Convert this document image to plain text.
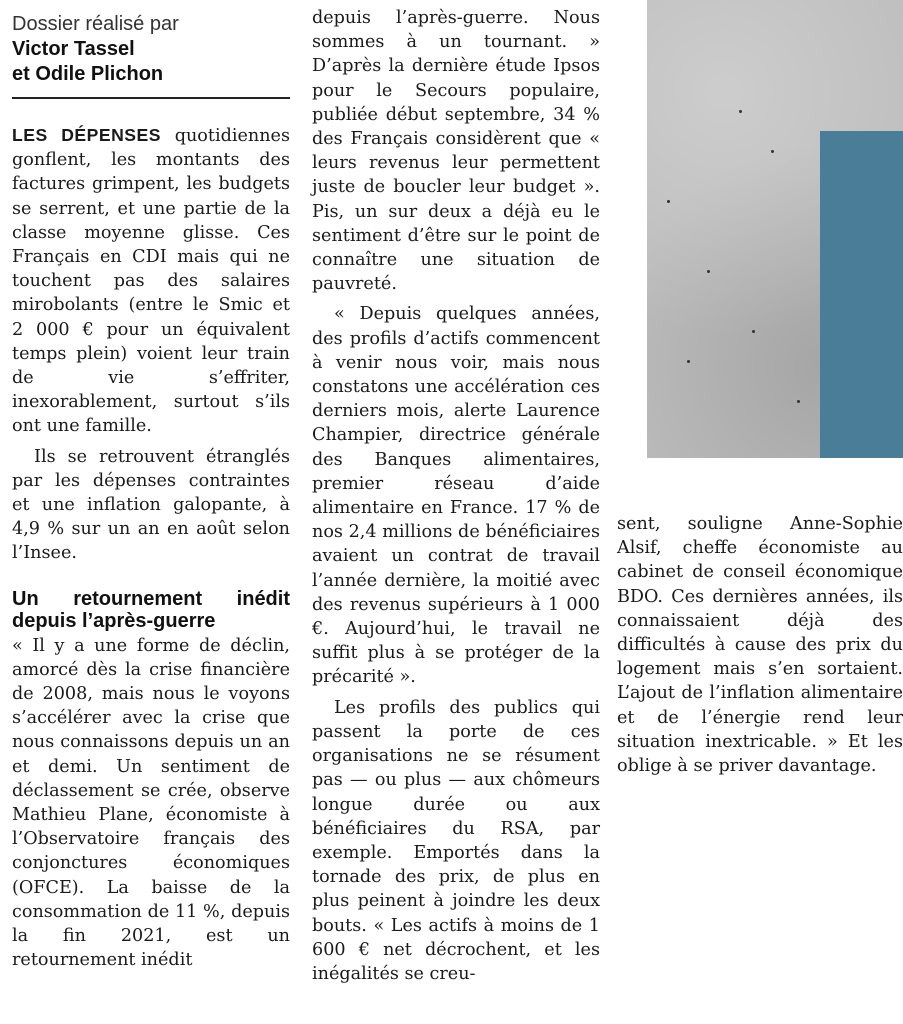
Dossier réalisé par
Victor Tassel
et Odile Plichon

LES DÉPENSES quotidiennes gonflent, les montants des factures grimpent, les budgets se serrent, et une partie de la classe moyenne glisse. Ces Français en CDI mais qui ne touchent pas des salaires mirobolants (entre le Smic et 2 000 € pour un équivalent temps plein) voient leur train de vie s’effriter, inexorablement, surtout s’ils ont une famille.

Ils se retrouvent étranglés par les dépenses contraintes et une inflation galopante, à 4,9 % sur un an en août selon l’Insee.

Un retournement inédit depuis l’après-guerre

« Il y a une forme de déclin, amorcé dès la crise financière de 2008, mais nous le voyons s’accélérer avec la crise que nous connaissons depuis un an et demi. Un sentiment de déclassement se crée, observe Mathieu Plane, économiste à l’Observatoire français des conjonctures économiques (OFCE). La baisse de la consommation de 11 %, depuis la fin 2021, est un retournement inédit

depuis l’après-guerre. Nous sommes à un tournant. » D’après la dernière étude Ipsos pour le Secours populaire, publiée début septembre, 34 % des Français considèrent que « leurs revenus leur permettent juste de boucler leur budget ». Pis, un sur deux a déjà eu le sentiment d’être sur le point de connaître une situation de pauvreté.

« Depuis quelques années, des profils d’actifs commencent à venir nous voir, mais nous constatons une accélération ces derniers mois, alerte Laurence Champier, directrice générale des Banques alimentaires, premier réseau d’aide alimentaire en France. 17 % de nos 2,4 millions de bénéficiaires avaient un contrat de travail l’année dernière, la moitié avec des revenus supérieurs à 1 000 €. Aujourd’hui, le travail ne suffit plus à se protéger de la précarité ».

Les profils des publics qui passent la porte de ces organisations ne se résument pas — ou plus — aux chômeurs longue durée ou aux bénéficiaires du RSA, par exemple. Emportés dans la tornade des prix, de plus en plus peinent à joindre les deux bouts. « Les actifs à moins de 1 600 € net décrochent, et les inégalités se creu-

sent, souligne Anne-Sophie Alsif, cheffe économiste au cabinet de conseil économique BDO. Ces dernières années, ils connaissaient déjà des difficultés à cause des prix du logement mais s’en sortaient. L’ajout de l’inflation alimentaire et de l’énergie rend leur situation inextricable. » Et les oblige à se priver davantage.
